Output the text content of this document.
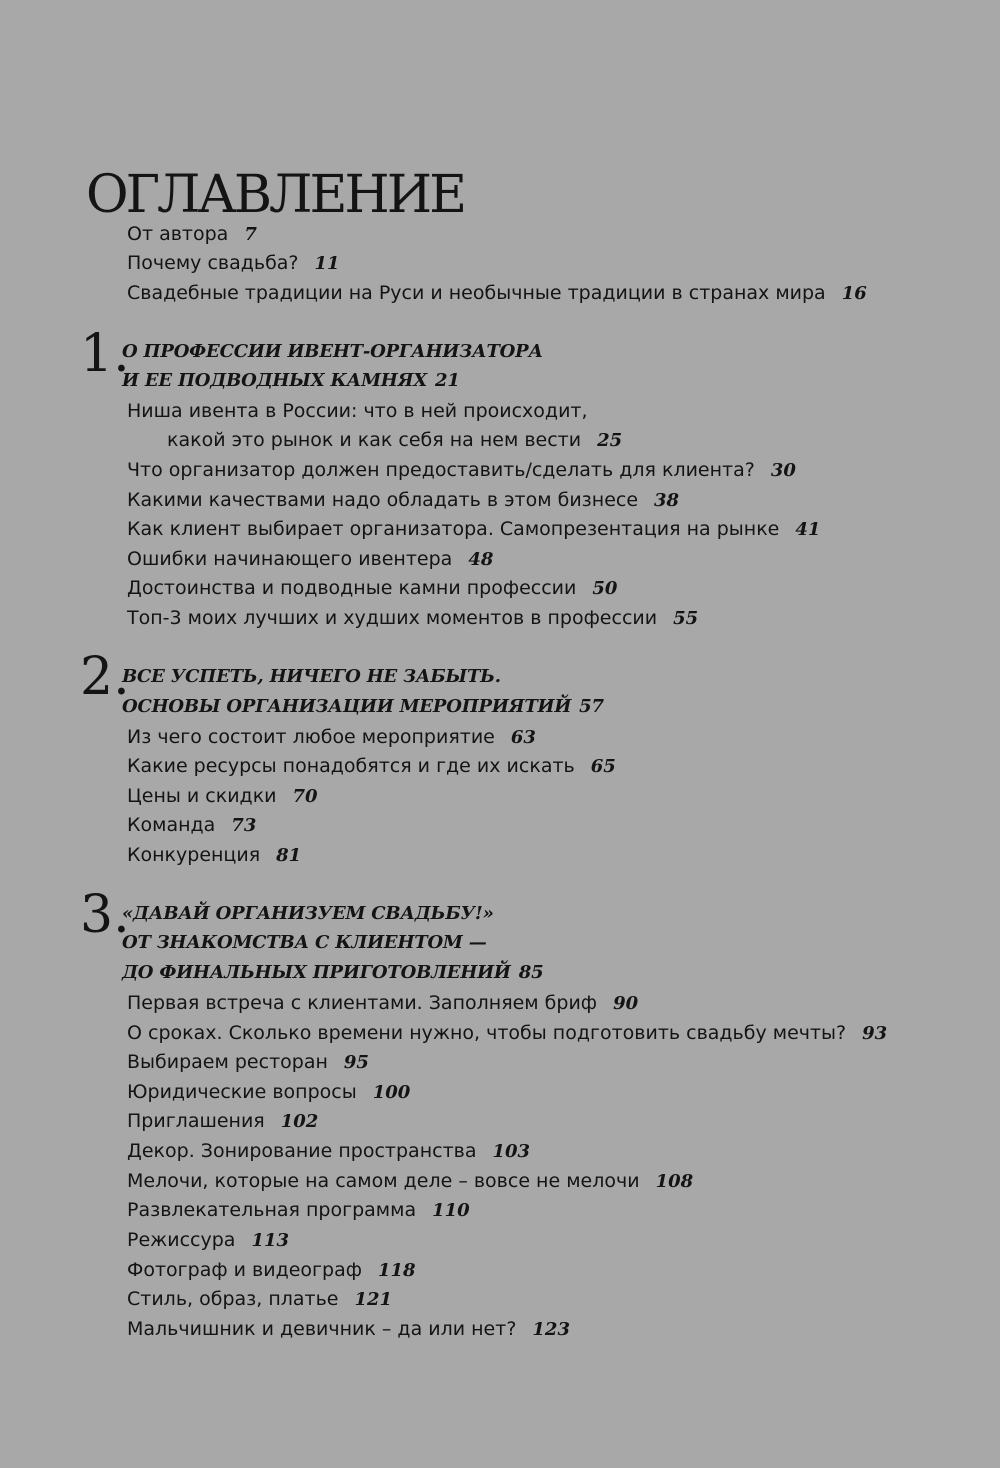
ОГЛАВЛЕНИЕ
От автора 7
Почему свадьба? 11
Свадебные традиции на Руси и необычные традиции в странах мира 16
1.
О ПРОФЕССИИ ИВЕНТ-ОРГАНИЗАТОРА
И ЕЕ ПОДВОДНЫХ КАМНЯХ 21
Ниша ивента в России: что в ней происходит,
какой это рынок и как себя на нем вести 25
Что организатор должен предоставить/сделать для клиента? 30
Какими качествами надо обладать в этом бизнесе 38
Как клиент выбирает организатора. Самопрезентация на рынке 41
Ошибки начинающего ивентера 48
Достоинства и подводные камни профессии 50
Топ-3 моих лучших и худших моментов в профессии 55
2.
ВСЕ УСПЕТЬ, НИЧЕГО НЕ ЗАБЫТЬ.
ОСНОВЫ ОРГАНИЗАЦИИ МЕРОПРИЯТИЙ 57
Из чего состоит любое мероприятие 63
Какие ресурсы понадобятся и где их искать 65
Цены и скидки 70
Команда 73
Конкуренция 81
3.
«ДАВАЙ ОРГАНИЗУЕМ СВАДЬБУ!»
ОТ ЗНАКОМСТВА С КЛИЕНТОМ —
ДО ФИНАЛЬНЫХ ПРИГОТОВЛЕНИЙ 85
Первая встреча с клиентами. Заполняем бриф 90
О сроках. Сколько времени нужно, чтобы подготовить свадьбу мечты? 93
Выбираем ресторан 95
Юридические вопросы 100
Приглашения 102
Декор. Зонирование пространства 103
Мелочи, которые на самом деле – вовсе не мелочи 108
Развлекательная программа 110
Режиссура 113
Фотограф и видеограф 118
Стиль, образ, платье 121
Мальчишник и девичник – да или нет? 123
